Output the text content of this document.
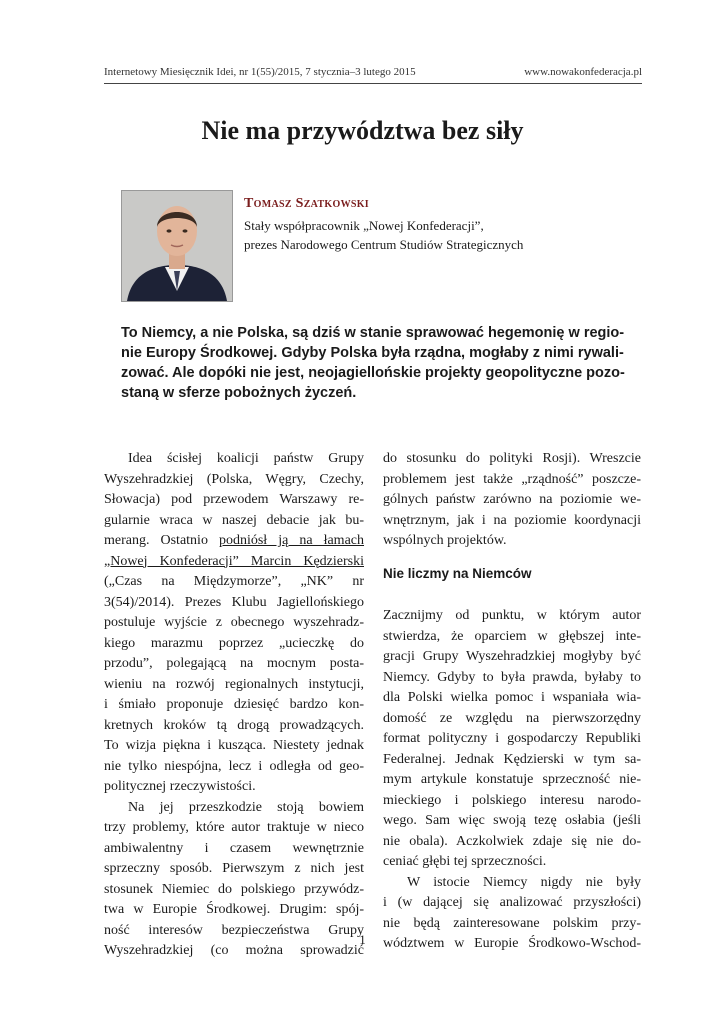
Internetowy Miesięcznik Idei, nr 1(55)/2015, 7 stycznia–3 lutego 2015	www.nowakonfederacja.pl
Nie ma przywództwa bez siły
Tomasz Szatkowski
Stały współpracownik „Nowej Konfederacji”,
prezes Narodowego Centrum Studiów Strategicznych
To Niemcy, a nie Polska, są dziś w stanie sprawować hegemonię w regio-
nie Europy Środkowej. Gdyby Polska była rządna, mogłaby z nimi rywali-
zować. Ale dopóki nie jest, neojagiellońskie projekty geopolityczne pozo-
staną w sferze pobożnych życzeń.
Idea ścisłej koalicji państw Grupy
Wyszehradzkiej (Polska, Węgry, Czechy,
Słowacja) pod przewodem Warszawy re-
gularnie wraca w naszej debacie jak bu-
merang. Ostatnio podniósł ją na łamach
„Nowej Konfederacji” Marcin Kędzierski
(„Czas na Międzymorze”, „NK” nr
3(54)/2014). Prezes Klubu Jagiellońskiego
postuluje wyjście z obecnego wyszehradz-
kiego marazmu poprzez „ucieczkę do
przodu”, polegającą na mocnym posta-
wieniu na rozwój regionalnych instytucji,
i śmiało proponuje dziesięć bardzo kon-
kretnych kroków tą drogą prowadzących.
To wizja piękna i kusząca. Niestety jednak
nie tylko niespójna, lecz i odległa od geo-
politycznej rzeczywistości.
Na jej przeszkodzie stoją bowiem
trzy problemy, które autor traktuje w nieco
ambiwalentny i czasem wewnętrznie
sprzeczny sposób. Pierwszym z nich jest
stosunek Niemiec do polskiego przywódz-
twa w Europie Środkowej. Drugim: spój-
ność interesów bezpieczeństwa Grupy
Wyszehradzkiej (co można sprowadzić
do stosunku do polityki Rosji). Wreszcie
problemem jest także „rządność” poszcze-
gólnych państw zarówno na poziomie we-
wnętrznym, jak i na poziomie koordynacji
wspólnych projektów.
Nie liczmy na Niemców
Zacznijmy od punktu, w którym autor
stwierdza, że oparciem w głębszej inte-
gracji Grupy Wyszehradzkiej mogłyby być
Niemcy. Gdyby to była prawda, byłaby to
dla Polski wielka pomoc i wspaniała wia-
domość ze względu na pierwszorzędny
format polityczny i gospodarczy Republiki
Federalnej. Jednak Kędzierski w tym sa-
mym artykule konstatuje sprzeczność nie-
mieckiego i polskiego interesu narodo-
wego. Sam więc swoją tezę osłabia (jeśli
nie obala). Aczkolwiek zdaje się nie do-
ceniać głębi tej sprzeczności.
W istocie Niemcy nigdy nie były
i (w dającej się analizować przyszłości)
nie będą zainteresowane polskim przy-
wództwem w Europie Środkowo-Wschod-
1
